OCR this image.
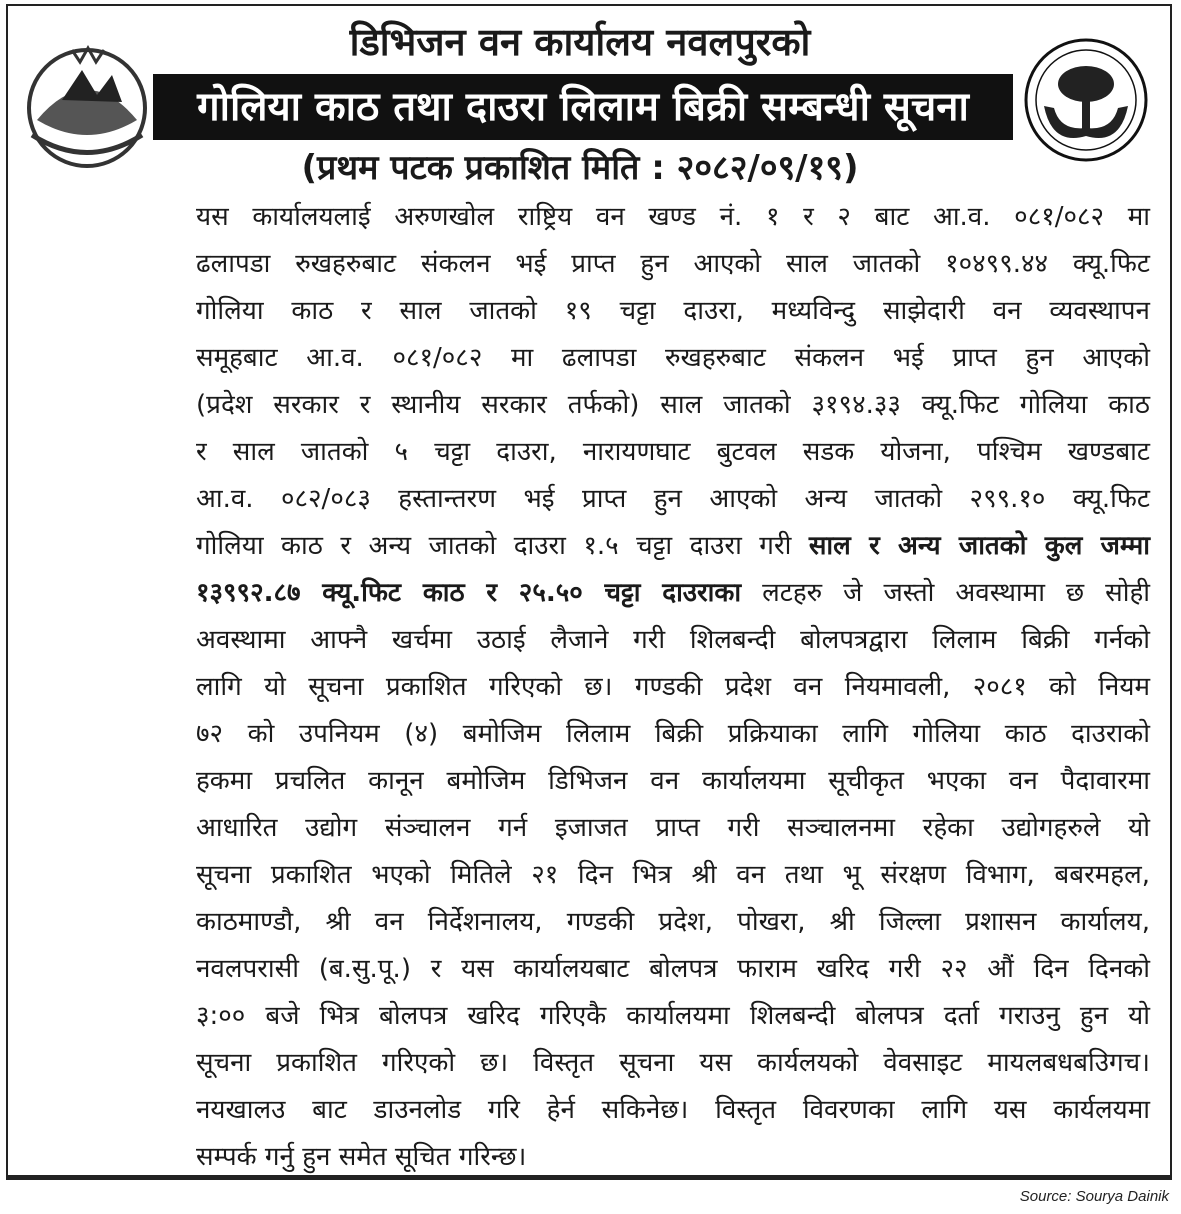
डिभिजन वन कार्यालय नवलपुरको
गोलिया काठ तथा दाउरा लिलाम बिक्री सम्बन्धी सूचना
(प्रथम पटक प्रकाशित मिति : २०८२/०९/१९)
यस कार्यालयलाई अरुणखोल राष्ट्रिय वन खण्ड नं. १ र २ बाट आ.व. ०८१/०८२ मा
ढलापडा रुखहरुबाट संकलन भई प्राप्त हुन आएको साल जातको १०४९९.४४ क्यू.फिट
गोलिया काठ र साल जातको १९ चट्टा दाउरा, मध्यविन्दु साझेदारी वन व्यवस्थापन
समूहबाट आ.व. ०८१/०८२ मा ढलापडा रुखहरुबाट संकलन भई प्राप्त हुन आएको
(प्रदेश सरकार र स्थानीय सरकार तर्फको) साल जातको ३१९४.३३ क्यू.फिट गोलिया काठ
र साल जातको ५ चट्टा दाउरा, नारायणघाट बुटवल सडक योजना, पश्चिम खण्डबाट
आ.व. ०८२/०८३ हस्तान्तरण भई प्राप्त हुन आएको अन्य जातको २९९.१० क्यू.फिट
गोलिया काठ र अन्य जातको दाउरा १.५ चट्टा दाउरा गरी साल र अन्य जातको कुल जम्मा
१३९९२.८७ क्यू.फिट काठ र २५.५० चट्टा दाउराका लटहरु जे जस्तो अवस्थामा छ सोही
अवस्थामा आफ्नै खर्चमा उठाई लैजाने गरी शिलबन्दी बोलपत्रद्वारा लिलाम बिक्री गर्नको
लागि यो सूचना प्रकाशित गरिएको छ। गण्डकी प्रदेश वन नियमावली, २०८१ को नियम
७२ को उपनियम (४) बमोजिम लिलाम बिक्री प्रक्रियाका लागि गोलिया काठ दाउराको
हकमा प्रचलित कानून बमोजिम डिभिजन वन कार्यालयमा सूचीकृत भएका वन पैदावारमा
आधारित उद्योग संञ्चालन गर्न इजाजत प्राप्त गरी सञ्चालनमा रहेका उद्योगहरुले यो
सूचना प्रकाशित भएको मितिले २१ दिन भित्र श्री वन तथा भू संरक्षण विभाग, बबरमहल,
काठमाण्डौ, श्री वन निर्देशनालय, गण्डकी प्रदेश, पोखरा, श्री जिल्ला प्रशासन कार्यालय,
नवलपरासी (ब.सु.पू.) र यस कार्यालयबाट बोलपत्र फाराम खरिद गरी २२ औं दिन दिनको
३:०० बजे भित्र बोलपत्र खरिद गरिएकै कार्यालयमा शिलबन्दी बोलपत्र दर्ता गराउनु हुन यो
सूचना प्रकाशित गरिएको छ। विस्तृत सूचना यस कार्यलयको वेवसाइट मायलबधबउिगच।
नयखालउ बाट डाउनलोड गरि हेर्न सकिनेछ। विस्तृत विवरणका लागि यस कार्यलयमा
सम्पर्क गर्नु हुन समेत सूचित गरिन्छ।
Source: Sourya Dainik
